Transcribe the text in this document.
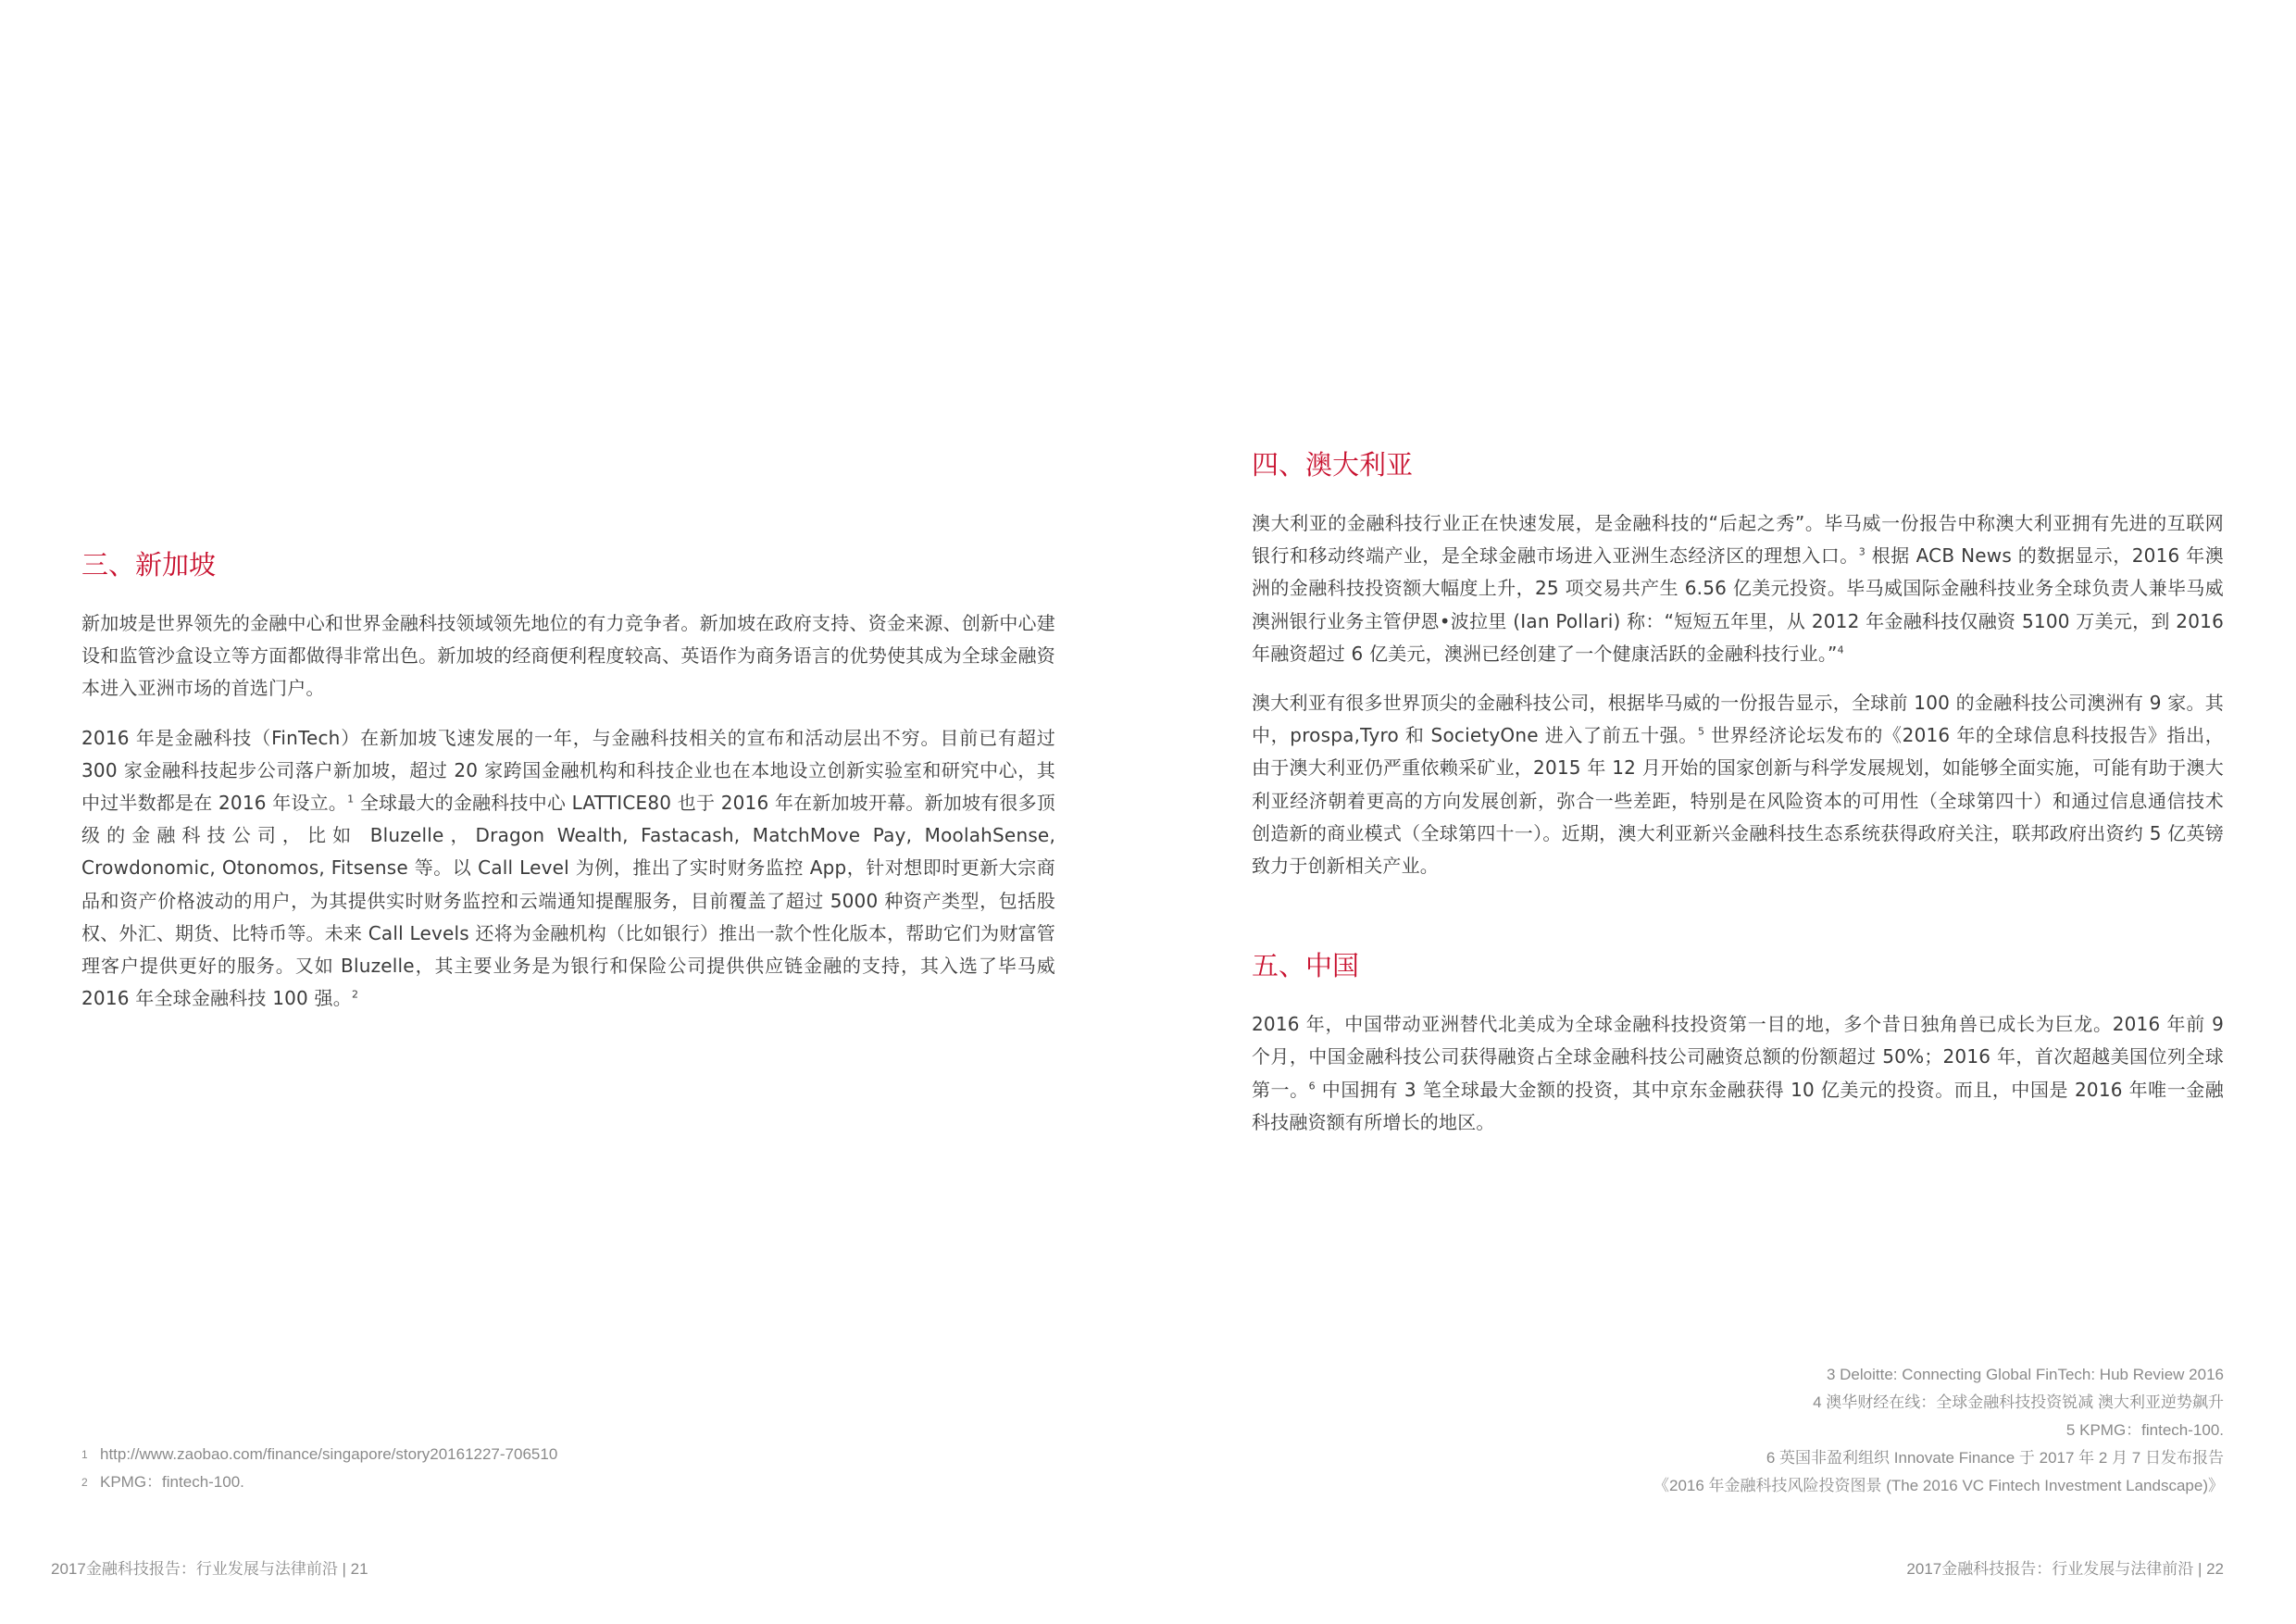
三、新加坡

新加坡是世界领先的金融中心和世界金融科技领域领先地位的有力竞争者。新加坡在政府支持、资金来源、创新中心建设和监管沙盒设立等方面都做得非常出色。新加坡的经商便利程度较高、英语作为商务语言的优势使其成为全球金融资本进入亚洲市场的首选门户。

2016 年是金融科技（FinTech）在新加坡飞速发展的一年，与金融科技相关的宣布和活动层出不穷。目前已有超过 300 家金融科技起步公司落户新加坡，超过 20 家跨国金融机构和科技企业也在本地设立创新实验室和研究中心，其中过半数都是在 2016 年设立。$^1$ 全球最大的金融科技中心 LATTICE80 也于 2016 年在新加坡开幕。新加坡有很多顶级的金融科技公司，比如 Bluzelle，Dragon Wealth, Fastacash, MatchMove Pay, MoolahSense, Crowdonomic, Otonomos, Fitsense 等。以 Call Level 为例，推出了实时财务监控 App，针对想即时更新大宗商品和资产价格波动的用户，为其提供实时财务监控和云端通知提醒服务，目前覆盖了超过 5000 种资产类型，包括股权、外汇、期货、比特币等。未来 Call Levels 还将为金融机构（比如银行）推出一款个性化版本，帮助它们为财富管理客户提供更好的服务。又如 Bluzelle，其主要业务是为银行和保险公司提供供应链金融的支持，其入选了毕马威 2016 年全球金融科技 100 强。$^2$

四、澳大利亚

澳大利亚的金融科技行业正在快速发展，是金融科技的“后起之秀”。毕马威一份报告中称澳大利亚拥有先进的互联网银行和移动终端产业，是全球金融市场进入亚洲生态经济区的理想入口。$^3$ 根据 ACB News 的数据显示，2016 年澳洲的金融科技投资额大幅度上升，25 项交易共产生 6.56 亿美元投资。毕马威国际金融科技业务全球负责人兼毕马威澳洲银行业务主管伊恩•波拉里 (Ian Pollari) 称：“短短五年里，从 2012 年金融科技仅融资 5100 万美元，到 2016 年融资超过 6 亿美元，澳洲已经创建了一个健康活跃的金融科技行业。”$^4$

澳大利亚有很多世界顶尖的金融科技公司，根据毕马威的一份报告显示，全球前 100 的金融科技公司澳洲有 9 家。其中，prospa,Tyro 和 SocietyOne 进入了前五十强。$^5$ 世界经济论坛发布的《2016 年的全球信息科技报告》指出，由于澳大利亚仍严重依赖采矿业，2015 年 12 月开始的国家创新与科学发展规划，如能够全面实施，可能有助于澳大利亚经济朝着更高的方向发展创新，弥合一些差距，特别是在风险资本的可用性（全球第四十）和通过信息通信技术创造新的商业模式（全球第四十一）。近期，澳大利亚新兴金融科技生态系统获得政府关注，联邦政府出资约 5 亿英镑致力于创新相关产业。

五、中国

2016 年，中国带动亚洲替代北美成为全球金融科技投资第一目的地，多个昔日独角兽已成长为巨龙。2016 年前 9 个月，中国金融科技公司获得融资占全球金融科技公司融资总额的份额超过 50%；2016 年，首次超越美国位列全球第一。$^6$ 中国拥有 3 笔全球最大金额的投资，其中京东金融获得 10 亿美元的投资。而且，中国是 2016 年唯一金融科技融资额有所增长的地区。

1 http://www.zaobao.com/finance/singapore/story20161227-706510
2 KPMG：fintech-100.
3 Deloitte: Connecting Global FinTech: Hub Review 2016
4 澳华财经在线：全球金融科技投资锐减 澳大利亚逆势飙升
5 KPMG：fintech-100.
6 英国非盈利组织 Innovate Finance 于 2017 年 2 月 7 日发布报告
《2016 年金融科技风险投资图景 (The 2016 VC Fintech Investment Landscape)》
2017金融科技报告：行业发展与法律前沿 | 21	2017金融科技报告：行业发展与法律前沿 | 22
